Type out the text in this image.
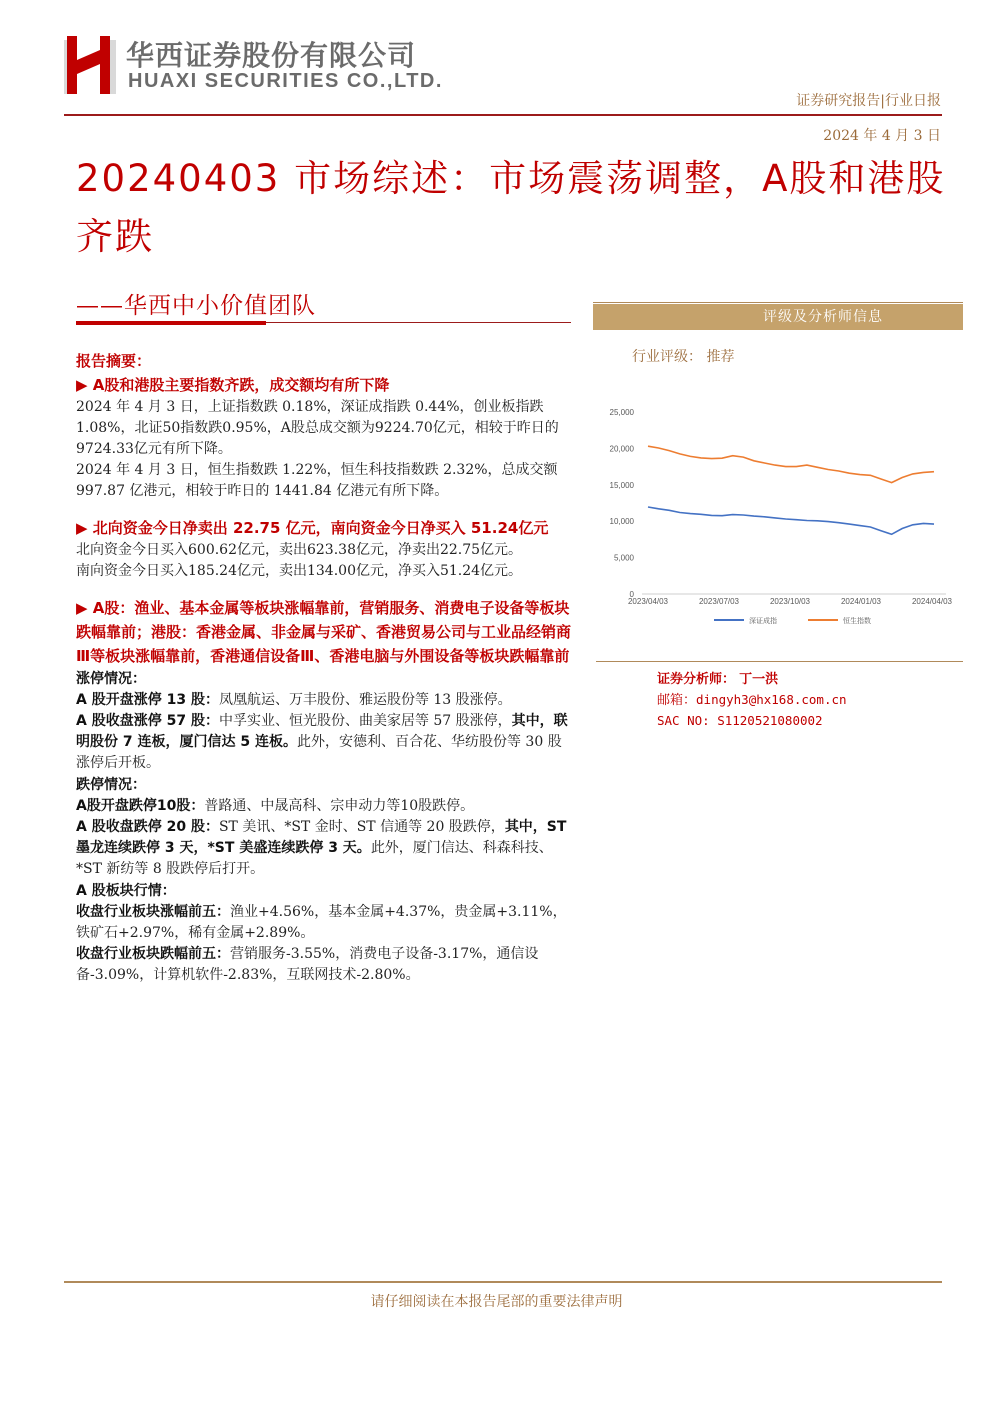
华西证券股份有限公司
HUAXI SECURITIES CO.,LTD.
证券研究报告|行业日报
2024 年 4 月 3 日
20240403 市场综述：市场震荡调整，A股和港股齐跌
——华西中小价值团队
报告摘要：
▶ A股和港股主要指数齐跌，成交额均有所下降
2024 年 4 月 3 日，上证指数跌 0.18%，深证成指跌 0.44%，创业板指跌1.08%，北证50指数跌0.95%，A股总成交额为9224.70亿元，相较于昨日的9724.33亿元有所下降。
2024 年 4 月 3 日，恒生指数跌 1.22%，恒生科技指数跌 2.32%，总成交额 997.87 亿港元，相较于昨日的 1441.84 亿港元有所下降。
▶ 北向资金今日净卖出 22.75 亿元，南向资金今日净买入 51.24亿元
北向资金今日买入600.62亿元，卖出623.38亿元，净卖出22.75亿元。
南向资金今日买入185.24亿元，卖出134.00亿元，净买入51.24亿元。
▶ A股：渔业、基本金属等板块涨幅靠前，营销服务、消费电子设备等板块跌幅靠前；港股：香港金属、非金属与采矿、香港贸易公司与工业品经销商Ⅲ等板块涨幅靠前，香港通信设备Ⅲ、香港电脑与外围设备等板块跌幅靠前
涨停情况：
A 股开盘涨停 13 股：凤凰航运、万丰股份、雅运股份等 13 股涨停。
A 股收盘涨停 57 股：中孚实业、恒光股份、曲美家居等 57 股涨停，其中，联明股份 7 连板，厦门信达 5 连板。此外，安德利、百合花、华纺股份等 30 股涨停后开板。
跌停情况：
A股开盘跌停10股：普路通、中晟高科、宗申动力等10股跌停。
A 股收盘跌停 20 股：ST 美讯、*ST 金时、ST 信通等 20 股跌停，其中，ST 墨龙连续跌停 3 天，*ST 美盛连续跌停 3 天。此外，厦门信达、科森科技、*ST 新纺等 8 股跌停后打开。
A 股板块行情：
收盘行业板块涨幅前五：渔业+4.56%，基本金属+4.37%，贵金属+3.11%，铁矿石+2.97%，稀有金属+2.89%。
收盘行业板块跌幅前五：营销服务-3.55%，消费电子设备-3.17%，通信设备-3.09%，计算机软件-2.83%，互联网技术-2.80%。
评级及分析师信息
行业评级： 推荐
25,000
20,000
15,000
10,000
5,000
0
2023/04/03	2023/07/03	2023/10/03	2024/01/03	2024/04/03
深证成指	恒生指数
证券分析师： 丁一洪
邮箱：dingyh3@hx168.com.cn
SAC NO: S1120521080002
请仔细阅读在本报告尾部的重要法律声明
